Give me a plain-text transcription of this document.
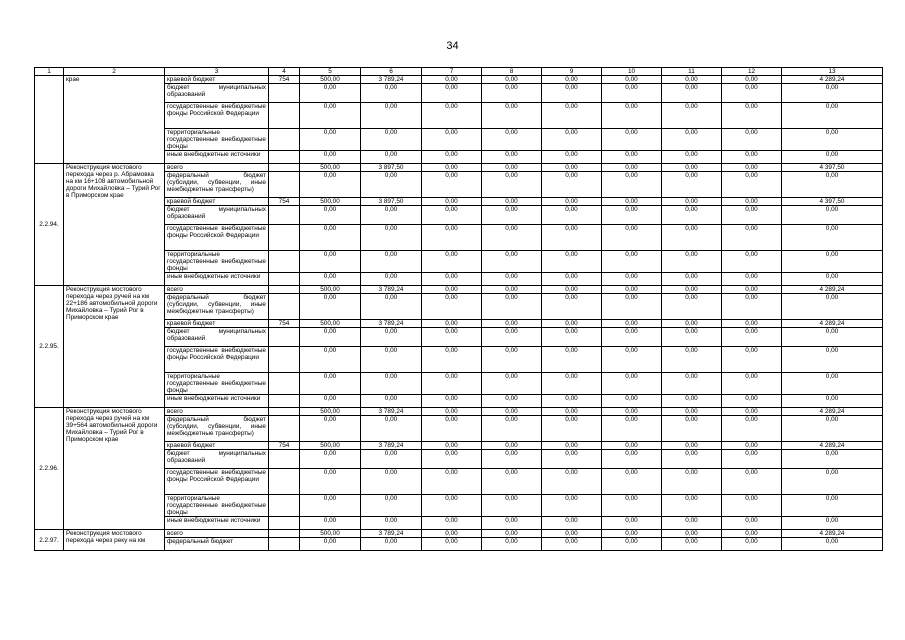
34
1	2	3	4	5	6	7	8	9	10	11	12	13
	крае	краевой бюджет	754	500,00	3 789,24	0,00	0,00	0,00	0,00	0,00	0,00	4 289,24
		бюджет муниципальных образований		0,00	0,00	0,00	0,00	0,00	0,00	0,00	0,00	0,00
		государственные внебюджетные фонды Российской Федерации		0,00	0,00	0,00	0,00	0,00	0,00	0,00	0,00	0,00
		территориальные государственные внебюджетные фонды		0,00	0,00	0,00	0,00	0,00	0,00	0,00	0,00	0,00
		иные внебюджетные источники		0,00	0,00	0,00	0,00	0,00	0,00	0,00	0,00	0,00
2.2.94.	Реконструкция мостового перехода через р. Абрамовка на км 16+108 автомобильной дороги Михайловка – Турий Рог в Приморском крае	всего		500,00	3 897,50	0,00	0,00	0,00	0,00	0,00	0,00	4 397,50
		федеральный бюджет (субсидии, субвенции, иные межбюджетные трансферты)		0,00	0,00	0,00	0,00	0,00	0,00	0,00	0,00	0,00
		краевой бюджет	754	500,00	3 897,50	0,00	0,00	0,00	0,00	0,00	0,00	4 397,50
		бюджет муниципальных образований		0,00	0,00	0,00	0,00	0,00	0,00	0,00	0,00	0,00
		государственные внебюджетные фонды Российской Федерации		0,00	0,00	0,00	0,00	0,00	0,00	0,00	0,00	0,00
		территориальные государственные внебюджетные фонды		0,00	0,00	0,00	0,00	0,00	0,00	0,00	0,00	0,00
		иные внебюджетные источники		0,00	0,00	0,00	0,00	0,00	0,00	0,00	0,00	0,00
2.2.95.	Реконструкция мостового перехода через ручей на км 22+186 автомобильной дороги Михайловка – Турий Рог в Приморском крае	всего		500,00	3 789,24	0,00	0,00	0,00	0,00	0,00	0,00	4 289,24
		федеральный бюджет (субсидии, субвенции, иные межбюджетные трансферты)		0,00	0,00	0,00	0,00	0,00	0,00	0,00	0,00	0,00
		краевой бюджет	754	500,00	3 789,24	0,00	0,00	0,00	0,00	0,00	0,00	4 289,24
		бюджет муниципальных образований		0,00	0,00	0,00	0,00	0,00	0,00	0,00	0,00	0,00
		государственные внебюджетные фонды Российской Федерации		0,00	0,00	0,00	0,00	0,00	0,00	0,00	0,00	0,00
		территориальные государственные внебюджетные фонды		0,00	0,00	0,00	0,00	0,00	0,00	0,00	0,00	0,00
		иные внебюджетные источники		0,00	0,00	0,00	0,00	0,00	0,00	0,00	0,00	0,00
2.2.96.	Реконструкция мостового перехода через ручей на км 39+564 автомобильной дороги Михайловка – Турий Рог в Приморском крае	всего		500,00	3 789,24	0,00	0,00	0,00	0,00	0,00	0,00	4 289,24
		федеральный бюджет (субсидии, субвенции, иные межбюджетные трансферты)		0,00	0,00	0,00	0,00	0,00	0,00	0,00	0,00	0,00
		краевой бюджет	754	500,00	3 789,24	0,00	0,00	0,00	0,00	0,00	0,00	4 289,24
		бюджет муниципальных образований		0,00	0,00	0,00	0,00	0,00	0,00	0,00	0,00	0,00
		государственные внебюджетные фонды Российской Федерации		0,00	0,00	0,00	0,00	0,00	0,00	0,00	0,00	0,00
		территориальные государственные внебюджетные фонды		0,00	0,00	0,00	0,00	0,00	0,00	0,00	0,00	0,00
		иные внебюджетные источники		0,00	0,00	0,00	0,00	0,00	0,00	0,00	0,00	0,00
2.2.97.	Реконструкция мостового перехода через реку на км	всего		500,00	3 789,24	0,00	0,00	0,00	0,00	0,00	0,00	4 289,24
		федеральный бюджет		0,00	0,00	0,00	0,00	0,00	0,00	0,00	0,00	0,00
